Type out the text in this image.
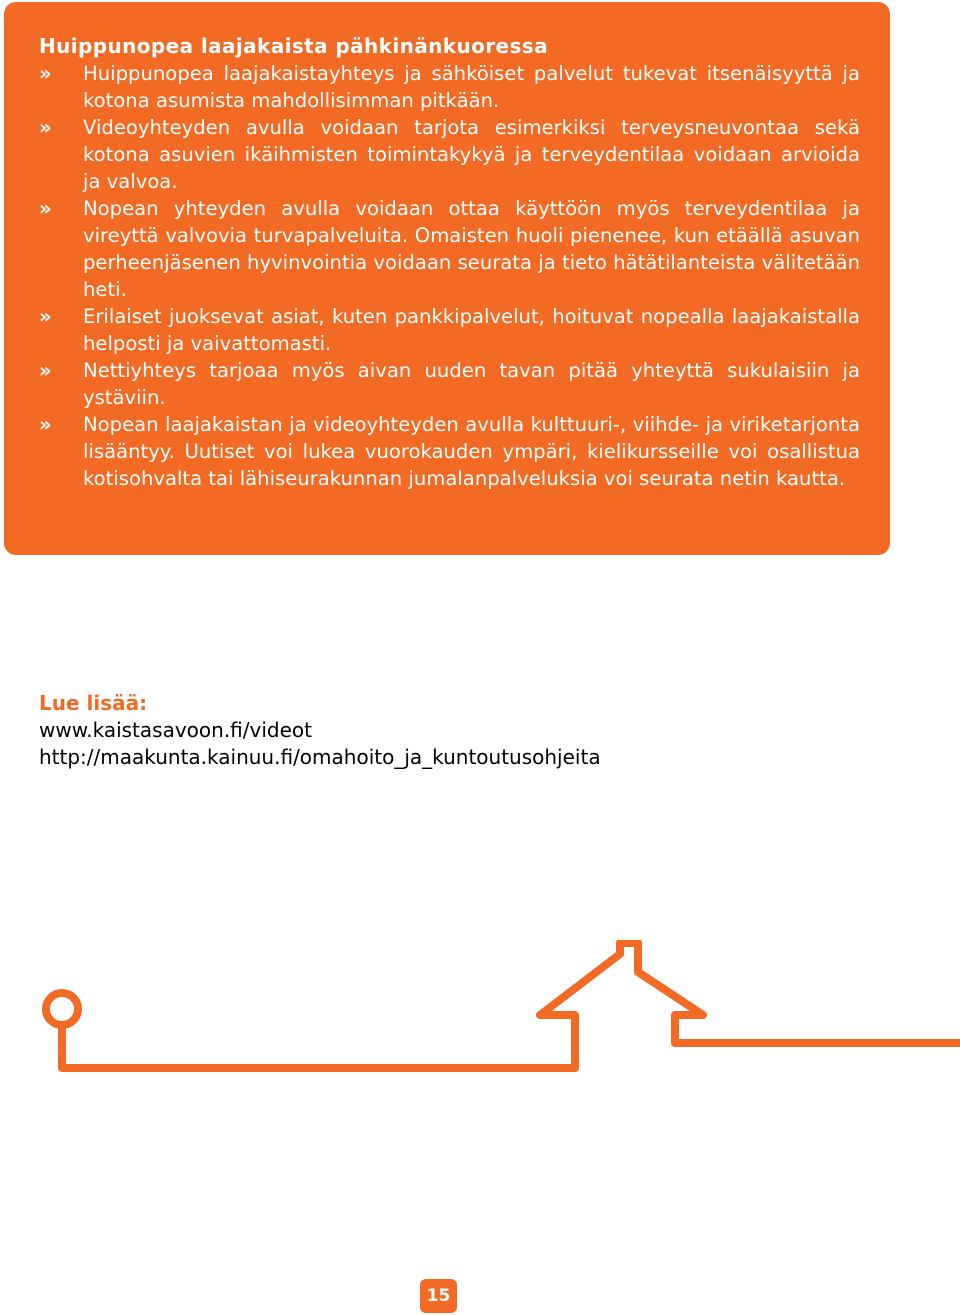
Huippunopea laajakaista pähkinänkuoressa

» Huippunopea laajakaistayhteys ja sähköiset palvelut tukevat itsenäisyyttä ja kotona asumista mahdollisimman pitkään.
» Videoyhteyden avulla voidaan tarjota esimerkiksi terveysneuvontaa sekä kotona asuvien ikäihmisten toimintakykyä ja terveydentilaa voidaan arvioida ja valvoa.
» Nopean yhteyden avulla voidaan ottaa käyttöön myös terveydentilaa ja vireyttä valvovia turvapalveluita. Omaisten huoli pienenee, kun etäällä asuvan perheenjäsenen hyvinvointia voidaan seurata ja tieto hätätilanteista välitetään heti.
» Erilaiset juoksevat asiat, kuten pankkipalvelut, hoituvat nopealla laajakaistalla helposti ja vaivattomasti.
» Nettiyhteys tarjoaa myös aivan uuden tavan pitää yhteyttä sukulaisiin ja ystäviin.
» Nopean laajakaistan ja videoyhteyden avulla kulttuuri-, viihde- ja viriketarjonta lisääntyy. Uutiset voi lukea vuorokauden ympäri, kielikursseille voi osallistua kotisohvalta tai lähiseurakunnan jumalanpalveluksia voi seurata netin kautta.
Lue lisää:
www.kaistasavoon.fi/videot
http://maakunta.kainuu.fi/omahoito_ja_kuntoutusohjeita
15
